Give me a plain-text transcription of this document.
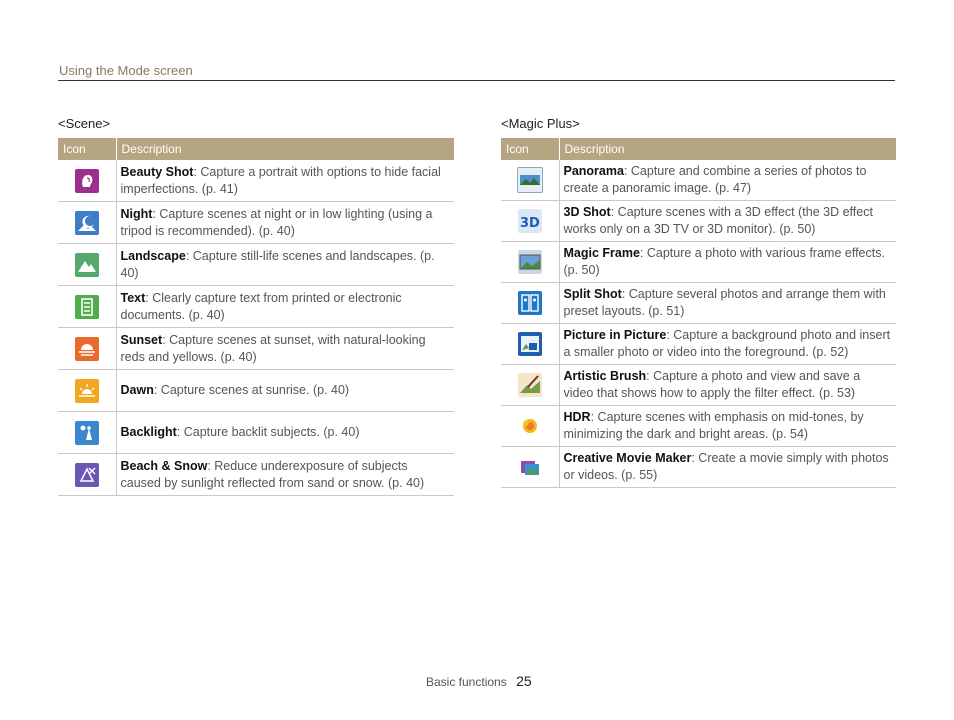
Using the Mode screen
<Scene>
Icon	Description

	Beauty Shot: Capture a portrait with options to hide facial imperfections. (p. 41)

	Night: Capture scenes at night or in low lighting (using a tripod is recommended). (p. 40)

	Landscape: Capture still-life scenes and landscapes. (p. 40)

	Text: Clearly capture text from printed or electronic documents. (p. 40)

	Sunset: Capture scenes at sunset, with natural-looking reds and yellows. (p. 40)

	Dawn: Capture scenes at sunrise. (p. 40)

	Backlight: Capture backlit subjects. (p. 40)

	Beach & Snow: Reduce underexposure of subjects caused by sunlight reflected from sand or snow. (p. 40)
<Magic Plus>
Icon	Description

	Panorama: Capture and combine a series of photos to create a panoramic image. (p. 47)

3D	3D Shot: Capture scenes with a 3D effect (the 3D effect works only on a 3D TV or 3D monitor). (p. 50)

	Magic Frame: Capture a photo with various frame effects. (p. 50)

	Split Shot: Capture several photos and arrange them with preset layouts. (p. 51)

	Picture in Picture: Capture a background photo and insert a smaller photo or video into the foreground. (p. 52)

	Artistic Brush: Capture a photo and view and save a video that shows how to apply the filter effect. (p. 53)

	HDR: Capture scenes with emphasis on mid-tones, by minimizing the dark and bright areas. (p. 54)

	Creative Movie Maker: Create a movie simply with photos or videos. (p. 55)
Basic functions 25
